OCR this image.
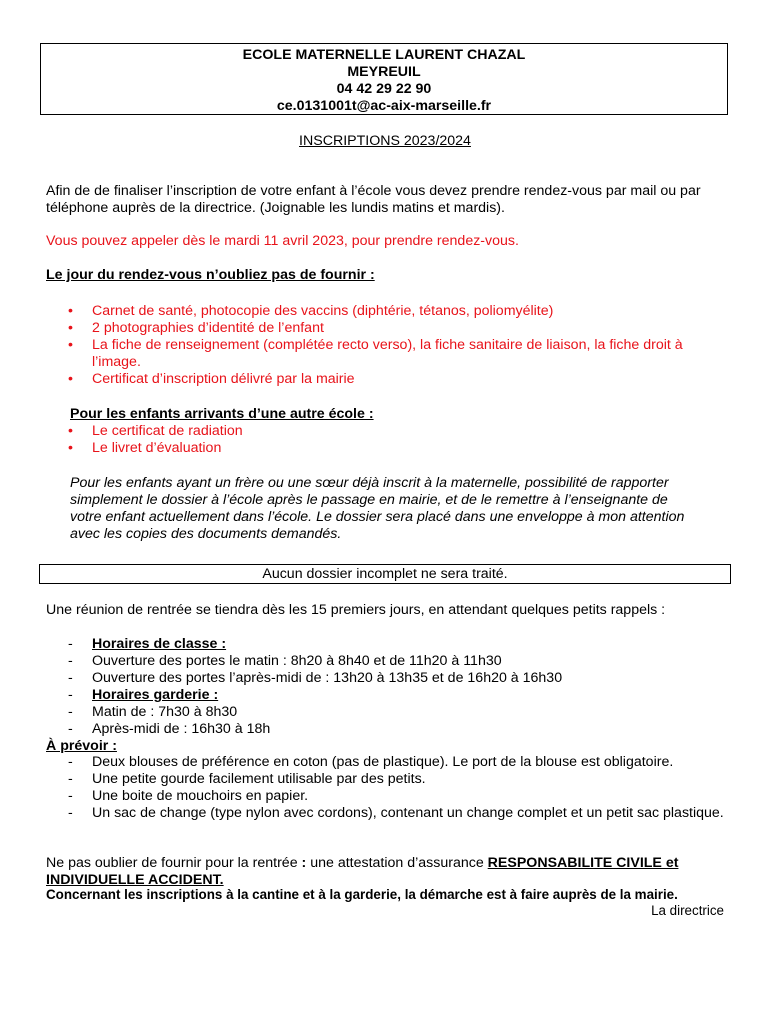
ECOLE MATERNELLE LAURENT CHAZAL
MEYREUIL
04 42 29 22 90
ce.0131001t@ac-aix-marseille.fr
INSCRIPTIONS 2023/2024
Afin de de finaliser l’inscription de votre enfant à l’école vous devez prendre rendez-vous par mail ou par téléphone auprès de la directrice. (Joignable les lundis matins et mardis).
Vous pouvez appeler dès le mardi 11 avril 2023, pour prendre rendez-vous.
Le jour du rendez-vous n’oubliez pas de fournir :
• Carnet de santé, photocopie des vaccins (diphtérie, tétanos, poliomyélite)
• 2 photographies d’identité de l’enfant
• La fiche de renseignement (complétée recto verso), la fiche sanitaire de liaison, la fiche droit à l’image.
• Certificat d’inscription délivré par la mairie
Pour les enfants arrivants d’une autre école :
• Le certificat de radiation
• Le livret d’évaluation
Pour les enfants ayant un frère ou une sœur déjà inscrit à la maternelle, possibilité de rapporter simplement le dossier à l’école après le passage en mairie, et de le remettre à l’enseignante de votre enfant actuellement dans l’école. Le dossier sera placé dans une enveloppe à mon attention avec les copies des documents demandés.
Aucun dossier incomplet ne sera traité.
Une réunion de rentrée se tiendra dès les 15 premiers jours, en attendant quelques petits rappels :
- Horaires de classe :
- Ouverture des portes le matin : 8h20 à 8h40 et de 11h20 à 11h30
- Ouverture des portes l’après-midi de : 13h20 à 13h35 et de 16h20 à 16h30
- Horaires garderie :
- Matin de : 7h30 à 8h30
- Après-midi de : 16h30 à 18h
À prévoir :
- Deux blouses de préférence en coton (pas de plastique). Le port de la blouse est obligatoire.
- Une petite gourde facilement utilisable par des petits.
- Une boite de mouchoirs en papier.
- Un sac de change (type nylon avec cordons), contenant un change complet et un petit sac plastique.
Ne pas oublier de fournir pour la rentrée : une attestation d’assurance RESPONSABILITE CIVILE et INDIVIDUELLE ACCIDENT.
Concernant les inscriptions à la cantine et à la garderie, la démarche est à faire auprès de la mairie.
La directrice
